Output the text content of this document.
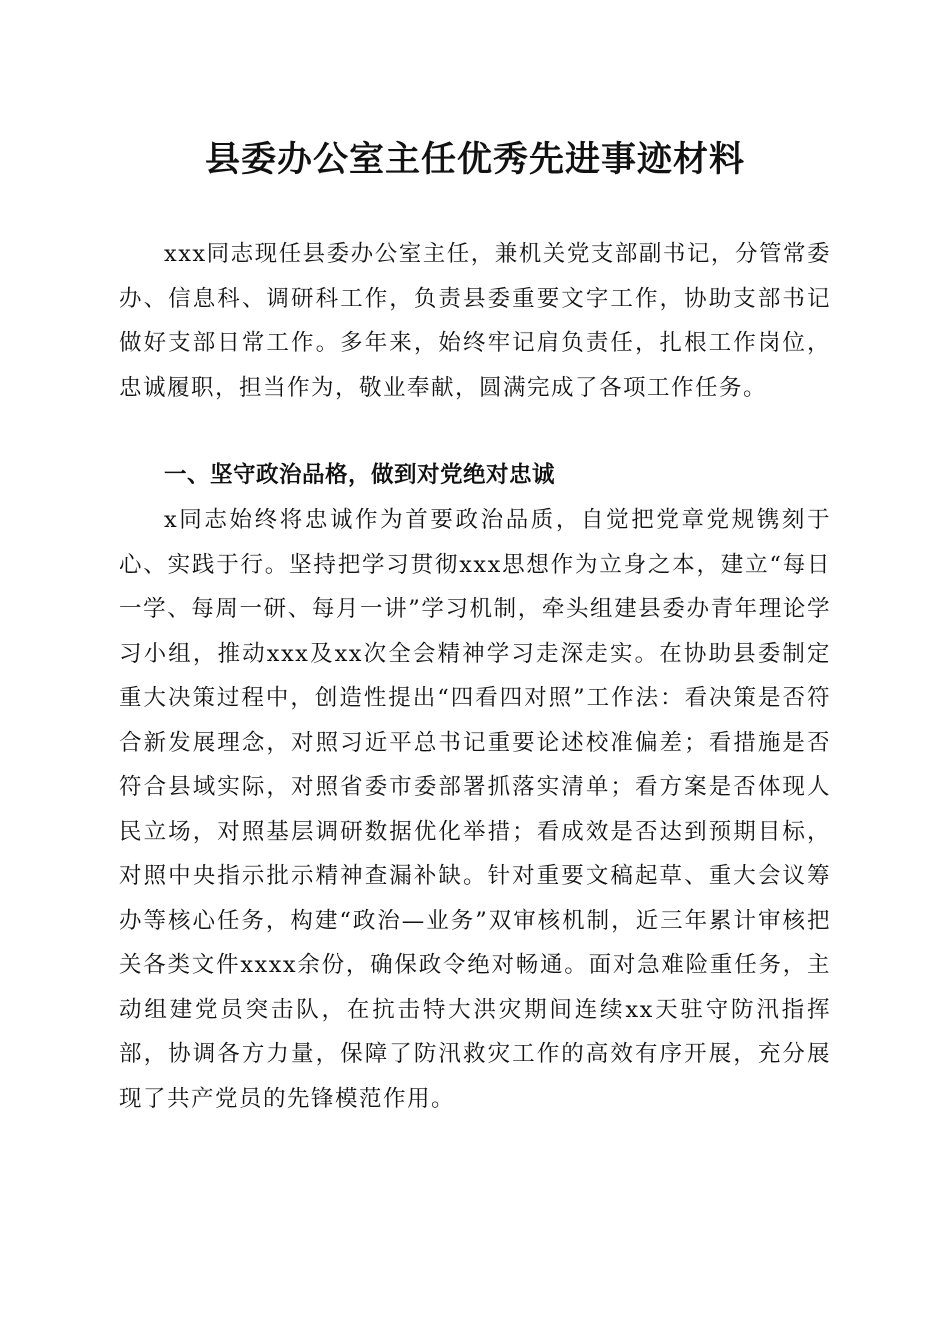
县委办公室主任优秀先进事迹材料

xxx同志现任县委办公室主任，兼机关党支部副书记，分管常委办、信息科、调研科工作，负责县委重要文字工作，协助支部书记做好支部日常工作。多年来，始终牢记肩负责任，扎根工作岗位，忠诚履职，担当作为，敬业奉献，圆满完成了各项工作任务。

一、坚守政治品格，做到对党绝对忠诚

x同志始终将忠诚作为首要政治品质，自觉把党章党规镌刻于心、实践于行。坚持把学习贯彻xxx思想作为立身之本，建立“每日一学、每周一研、每月一讲”学习机制，牵头组建县委办青年理论学习小组，推动xxx及xx次全会精神学习走深走实。在协助县委制定重大决策过程中，创造性提出“四看四对照”工作法：看决策是否符合新发展理念，对照习近平总书记重要论述校准偏差；看措施是否符合县域实际，对照省委市委部署抓落实清单；看方案是否体现人民立场，对照基层调研数据优化举措；看成效是否达到预期目标，对照中央指示批示精神查漏补缺。针对重要文稿起草、重大会议筹办等核心任务，构建“政治—业务”双审核机制，近三年累计审核把关各类文件xxxx余份，确保政令绝对畅通。面对急难险重任务，主动组建党员突击队，在抗击特大洪灾期间连续xx天驻守防汛指挥部，协调各方力量，保障了防汛救灾工作的高效有序开展，充分展现了共产党员的先锋模范作用。
